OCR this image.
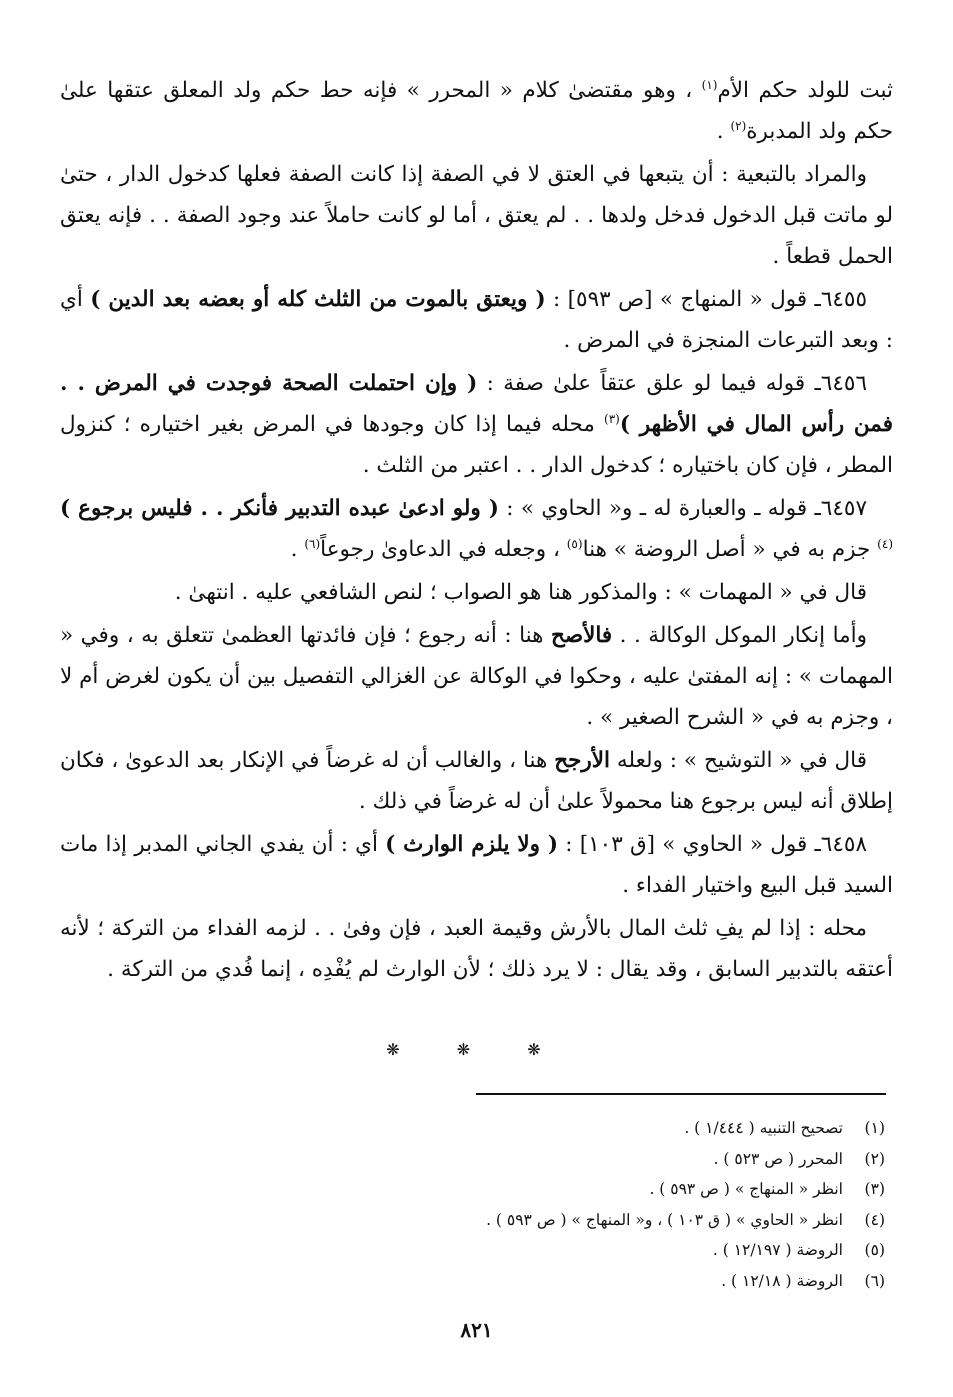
ثبت للولد حكم الأم$^{(١)}$ ، وهو مقتضىٰ كلام « المحرر » فإنه حط حكم ولد المعلق عتقها علىٰ حكم ولد المدبرة$^{(٢)}$ .

والمراد بالتبعية : أن يتبعها في العتق لا في الصفة إذا كانت الصفة فعلها كدخول الدار ، حتىٰ لو ماتت قبل الدخول فدخل ولدها . . لم يعتق ، أما لو كانت حاملاً عند وجود الصفة . . فإنه يعتق الحمل قطعاً .

٦٤٥٥ـ قول « المنهاج » [ص ٥٩٣] : ( ويعتق بالموت من الثلث كله أو بعضه بعد الدين ) أي : وبعد التبرعات المنجزة في المرض .

٦٤٥٦ـ قوله فيما لو علق عتقاً علىٰ صفة : ( وإن احتملت الصحة فوجدت في المرض . . فمن رأس المال في الأظهر )$^{(٣)}$ محله فيما إذا كان وجودها في المرض بغير اختياره ؛ كنزول المطر ، فإن كان باختياره ؛ كدخول الدار . . اعتبر من الثلث .

٦٤٥٧ـ قوله ـ والعبارة له ـ و« الحاوي » : ( ولو ادعىٰ عبده التدبير فأنكر . . فليس برجوع )$^{(٤)}$ جزم به في « أصل الروضة » هنا$^{(٥)}$ ، وجعله في الدعاوىٰ رجوعاً$^{(٦)}$ .

قال في « المهمات » : والمذكور هنا هو الصواب ؛ لنص الشافعي عليه . انتهىٰ .

وأما إنكار الموكل الوكالة . . فالأصح هنا : أنه رجوع ؛ فإن فائدتها العظمىٰ تتعلق به ، وفي « المهمات » : إنه المفتىٰ عليه ، وحكوا في الوكالة عن الغزالي التفصيل بين أن يكون لغرض أم لا ، وجزم به في « الشرح الصغير » .

قال في « التوشيح » : ولعله الأرجح هنا ، والغالب أن له غرضاً في الإنكار بعد الدعوىٰ ، فكان إطلاق أنه ليس برجوع هنا محمولاً علىٰ أن له غرضاً في ذلك .

٦٤٥٨ـ قول « الحاوي » [ق ١٠٣] : ( ولا يلزم الوارث ) أي : أن يفدي الجاني المدبر إذا مات السيد قبل البيع واختيار الفداء .

محله : إذا لم يفِ ثلث المال بالأرش وقيمة العبد ، فإن وفىٰ . . لزمه الفداء من التركة ؛ لأنه أعتقه بالتدبير السابق ، وقد يقال : لا يرد ذلك ؛ لأن الوارث لم يُفْدِه ، إنما فُدي من التركة .

❋ ❋ ❋
(١)تصحيح التنبيه ( ١/٤٤٤ ) .
(٢)المحرر ( ص ٥٢٣ ) .
(٣)انظر « المنهاج » ( ص ٥٩٣ ) .
(٤)انظر « الحاوي » ( ق ١٠٣ ) ، و« المنهاج » ( ص ٥٩٣ ) .
(٥)الروضة ( ١٢/١٩٧ ) .
(٦)الروضة ( ١٢/١٨ ) .
٨٢١
